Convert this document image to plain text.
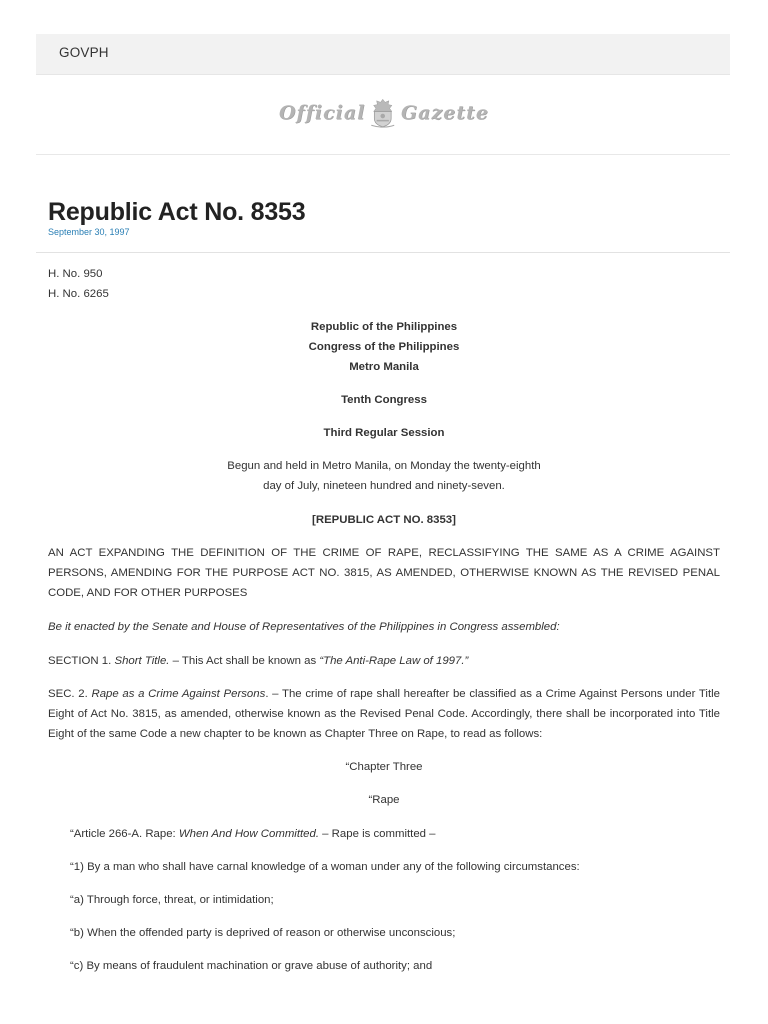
GOVPH
Official Gazette
Republic Act No. 8353
September 30, 1997

H. No. 950

H. No. 6265

Republic of the Philippines

Congress of the Philippines

Metro Manila

Tenth Congress

Third Regular Session

Begun and held in Metro Manila, on Monday the twenty-eighth

day of July, nineteen hundred and ninety-seven.

[REPUBLIC ACT NO. 8353]

AN ACT EXPANDING THE DEFINITION OF THE CRIME OF RAPE, RECLASSIFYING THE SAME AS A CRIME AGAINST PERSONS, AMENDING FOR THE PURPOSE ACT NO. 3815, AS AMENDED, OTHERWISE KNOWN AS THE REVISED PENAL CODE, AND FOR OTHER PURPOSES

Be it enacted by the Senate and House of Representatives of the Philippines in Congress assembled:

SECTION 1. Short Title. – This Act shall be known as “The Anti-Rape Law of 1997.”

SEC. 2. Rape as a Crime Against Persons. – The crime of rape shall hereafter be classified as a Crime Against Persons under Title Eight of Act No. 3815, as amended, otherwise known as the Revised Penal Code. Accordingly, there shall be incorporated into Title Eight of the same Code a new chapter to be known as Chapter Three on Rape, to read as follows:

“Chapter Three

“Rape

“Article 266-A. Rape: When And How Committed. – Rape is committed –

“1) By a man who shall have carnal knowledge of a woman under any of the following circumstances:

“a) Through force, threat, or intimidation;

“b) When the offended party is deprived of reason or otherwise unconscious;

“c) By means of fraudulent machination or grave abuse of authority; and
